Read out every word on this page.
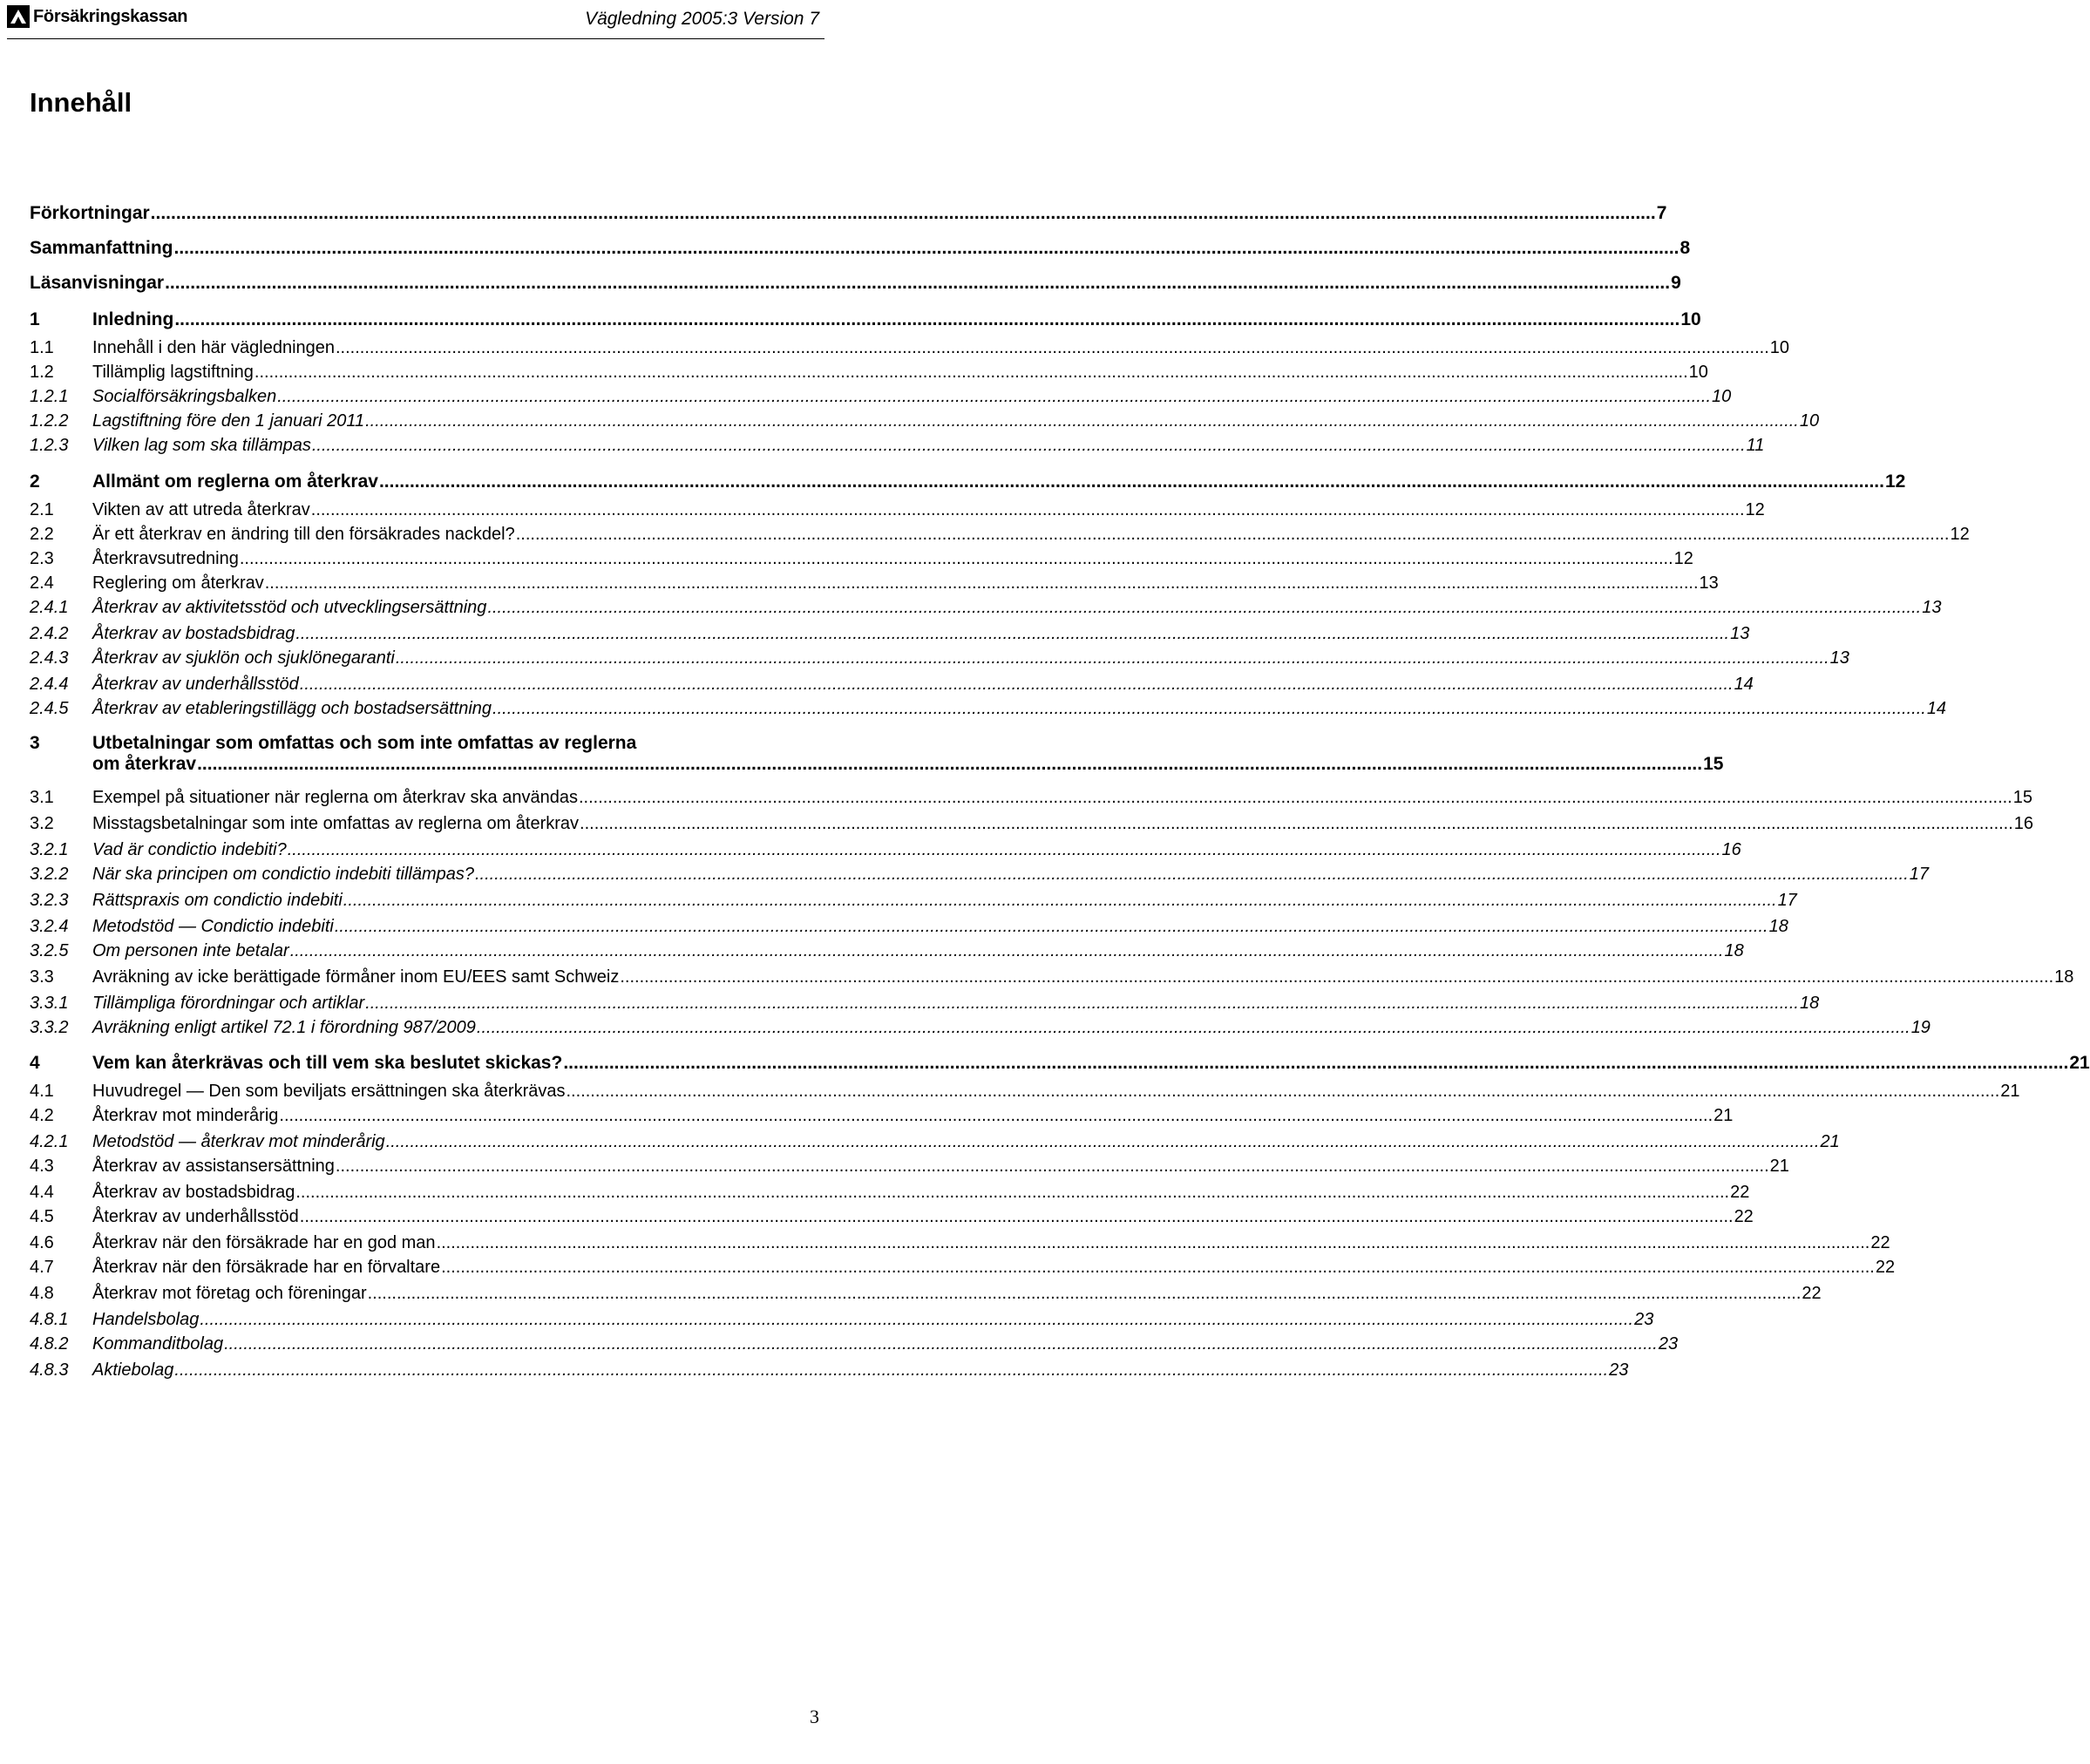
Försäkringskassan	Vägledning 2005:3 Version 7
Innehåll
Förkortningar .....	7
Sammanfattning .....	8
Läsanvisningar .....	9
1	Inledning .....	10
1.1	Innehåll i den här vägledningen .....	10
1.2	Tillämplig lagstiftning .....	10
1.2.1	Socialförsäkringsbalken .....	10
1.2.2	Lagstiftning före den 1 januari 2011 .....	10
1.2.3	Vilken lag som ska tillämpas .....	11
2	Allmänt om reglerna om återkrav .....	12
2.1	Vikten av att utreda återkrav .....	12
2.2	Är ett återkrav en ändring till den försäkrades nackdel? .....	12
2.3	Återkravsutredning .....	12
2.4	Reglering om återkrav .....	13
2.4.1	Återkrav av aktivitetsstöd och utvecklingsersättning .....	13
2.4.2	Återkrav av bostadsbidrag .....	13
2.4.3	Återkrav av sjuklön och sjuklönegaranti .....	13
2.4.4	Återkrav av underhållsstöd .....	14
2.4.5	Återkrav av etableringstillägg och bostadsersättning .....	14
3	Utbetalningar som omfattas och som inte omfattas av reglerna
om återkrav .....	15
3.1	Exempel på situationer när reglerna om återkrav ska användas .....	15
3.2	Misstagsbetalningar som inte omfattas av reglerna om återkrav .....	16
3.2.1	Vad är condictio indebiti? .....	16
3.2.2	När ska principen om condictio indebiti tillämpas? .....	17
3.2.3	Rättspraxis om condictio indebiti .....	17
3.2.4	Metodstöd — Condictio indebiti .....	18
3.2.5	Om personen inte betalar .....	18
3.3	Avräkning av icke berättigade förmåner inom EU/EES samt Schweiz .....	18
3.3.1	Tillämpliga förordningar och artiklar .....	18
3.3.2	Avräkning enligt artikel 72.1 i förordning 987/2009 .....	19
4	Vem kan återkrävas och till vem ska beslutet skickas? .....	21
4.1	Huvudregel — Den som beviljats ersättningen ska återkrävas .....	21
4.2	Återkrav mot minderårig .....	21
4.2.1	Metodstöd — återkrav mot minderårig .....	21
4.3	Återkrav av assistansersättning .....	21
4.4	Återkrav av bostadsbidrag .....	22
4.5	Återkrav av underhållsstöd .....	22
4.6	Återkrav när den försäkrade har en god man .....	22
4.7	Återkrav när den försäkrade har en förvaltare .....	22
4.8	Återkrav mot företag och föreningar .....	22
4.8.1	Handelsbolag .....	23
4.8.2	Kommanditbolag .....	23
4.8.3	Aktiebolag .....	23
3
